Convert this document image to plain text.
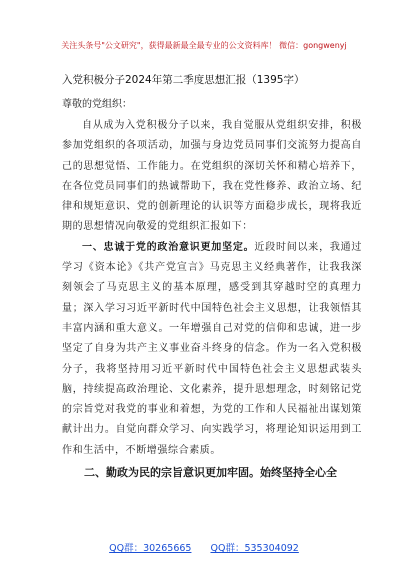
关注头条号"公文研究"，获得最新最全最专业的公文资料库！ 微信：gongwenyj
入党积极分子2024年第二季度思想汇报（1395字）
尊敬的党组织：

自从成为入党积极分子以来，我自觉服从党组织安排，积极参加党组织的各项活动，加强与身边党员同事们交流努力提高自己的思想觉悟、工作能力。在党组织的深切关怀和精心培养下，在各位党员同事们的热诚帮助下，我在党性修养、政治立场、纪律和规矩意识、党的创新理论的认识等方面稳步成长，现将我近期的思想情况向敬爱的党组织汇报如下：

一、忠诚于党的政治意识更加坚定。近段时间以来，我通过学习《资本论》《共产党宣言》马克思主义经典著作，让我我深刻领会了马克思主义的基本原理，感受到其穿越时空的真理力量；深入学习习近平新时代中国特色社会主义思想，让我领悟其丰富内涵和重大意义。一年增强自己对党的信仰和忠诚，进一步坚定了自身为共产主义事业奋斗终身的信念。作为一名入党积极分子，我将坚持用习近平新时代中国特色社会主义思想武装头脑，持续提高政治理论、文化素养，提升思想理念，时刻铭记党的宗旨党对我党的事业和着想，为党的工作和人民福祉出谋划策献计出力。自觉向群众学习、向实践学习，将理论知识运用到工作和生活中，不断增强综合素质。

二、勤政为民的宗旨意识更加牢固。始终坚持全心全
QQ群：30265665 QQ群：535304092
